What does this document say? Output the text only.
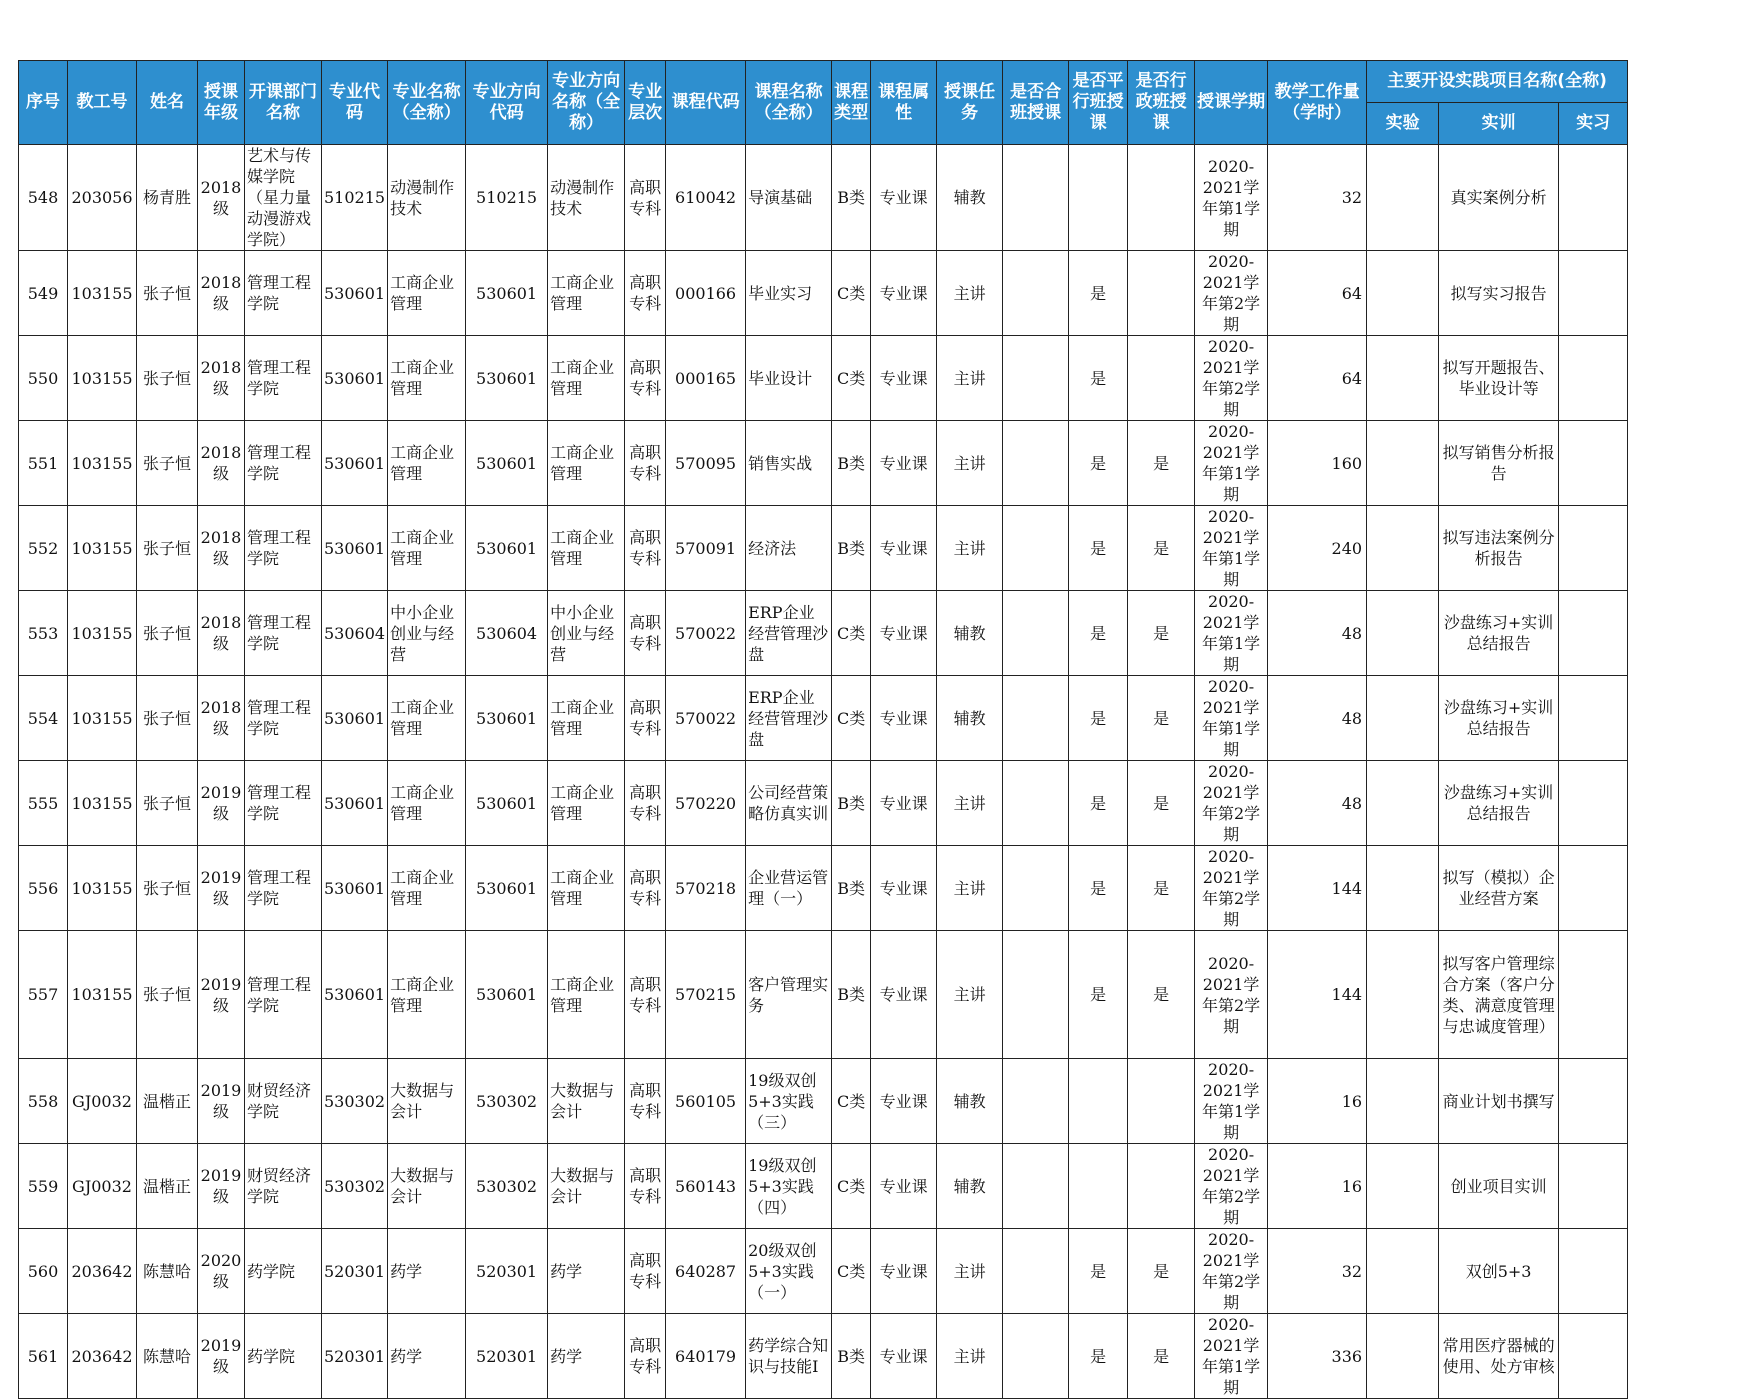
序号	教工号	姓名	授课年级	开课部门名称	专业代码	专业名称（全称）	专业方向代码	专业方向名称（全称）	专业层次	课程代码	课程名称（全称）	课程类型	课程属性	授课任务	是否合班授课	是否平行班授课	是否行政班授课	授课学期	教学工作量（学时）	主要开设实践项目名称(全称)		
																				实验	实训	实习
548	203056	杨青胜	2018级	艺术与传媒学院（星力量动漫游戏学院）	510215	动漫制作技术	510215	动漫制作技术	高职专科	610042	导演基础	B类	专业课	辅教				2020-2021学年第1学期	32		真实案例分析	
549	103155	张子恒	2018级	管理工程学院	530601	工商企业管理	530601	工商企业管理	高职专科	000166	毕业实习	C类	专业课	主讲		是		2020-2021学年第2学期	64		拟写实习报告	
550	103155	张子恒	2018级	管理工程学院	530601	工商企业管理	530601	工商企业管理	高职专科	000165	毕业设计	C类	专业课	主讲		是		2020-2021学年第2学期	64		拟写开题报告、毕业设计等	
551	103155	张子恒	2018级	管理工程学院	530601	工商企业管理	530601	工商企业管理	高职专科	570095	销售实战	B类	专业课	主讲		是	是	2020-2021学年第1学期	160		拟写销售分析报告	
552	103155	张子恒	2018级	管理工程学院	530601	工商企业管理	530601	工商企业管理	高职专科	570091	经济法	B类	专业课	主讲		是	是	2020-2021学年第1学期	240		拟写违法案例分析报告	
553	103155	张子恒	2018级	管理工程学院	530604	中小企业创业与经营	530604	中小企业创业与经营	高职专科	570022	ERP企业经营管理沙盘	C类	专业课	辅教		是	是	2020-2021学年第1学期	48		沙盘练习+实训总结报告	
554	103155	张子恒	2018级	管理工程学院	530601	工商企业管理	530601	工商企业管理	高职专科	570022	ERP企业经营管理沙盘	C类	专业课	辅教		是	是	2020-2021学年第1学期	48		沙盘练习+实训总结报告	
555	103155	张子恒	2019级	管理工程学院	530601	工商企业管理	530601	工商企业管理	高职专科	570220	公司经营策略仿真实训	B类	专业课	主讲		是	是	2020-2021学年第2学期	48		沙盘练习+实训总结报告	
556	103155	张子恒	2019级	管理工程学院	530601	工商企业管理	530601	工商企业管理	高职专科	570218	企业营运管理（一）	B类	专业课	主讲		是	是	2020-2021学年第2学期	144		拟写（模拟）企业经营方案	
557	103155	张子恒	2019级	管理工程学院	530601	工商企业管理	530601	工商企业管理	高职专科	570215	客户管理实务	B类	专业课	主讲		是	是	2020-2021学年第2学期	144		拟写客户管理综合方案（客户分类、满意度管理与忠诚度管理）	
558	GJ0032	温楷正	2019级	财贸经济学院	530302	大数据与会计	530302	大数据与会计	高职专科	560105	19级双创5+3实践（三）	C类	专业课	辅教				2020-2021学年第1学期	16		商业计划书撰写	
559	GJ0032	温楷正	2019级	财贸经济学院	530302	大数据与会计	530302	大数据与会计	高职专科	560143	19级双创5+3实践（四）	C类	专业课	辅教				2020-2021学年第2学期	16		创业项目实训	
560	203642	陈慧哈	2020级	药学院	520301	药学	520301	药学	高职专科	640287	20级双创5+3实践（一）	C类	专业课	主讲		是	是	2020-2021学年第2学期	32		双创5+3	
561	203642	陈慧哈	2019级	药学院	520301	药学	520301	药学	高职专科	640179	药学综合知识与技能Ⅰ	B类	专业课	主讲		是	是	2020-2021学年第1学期	336		常用医疗器械的使用、处方审核	
